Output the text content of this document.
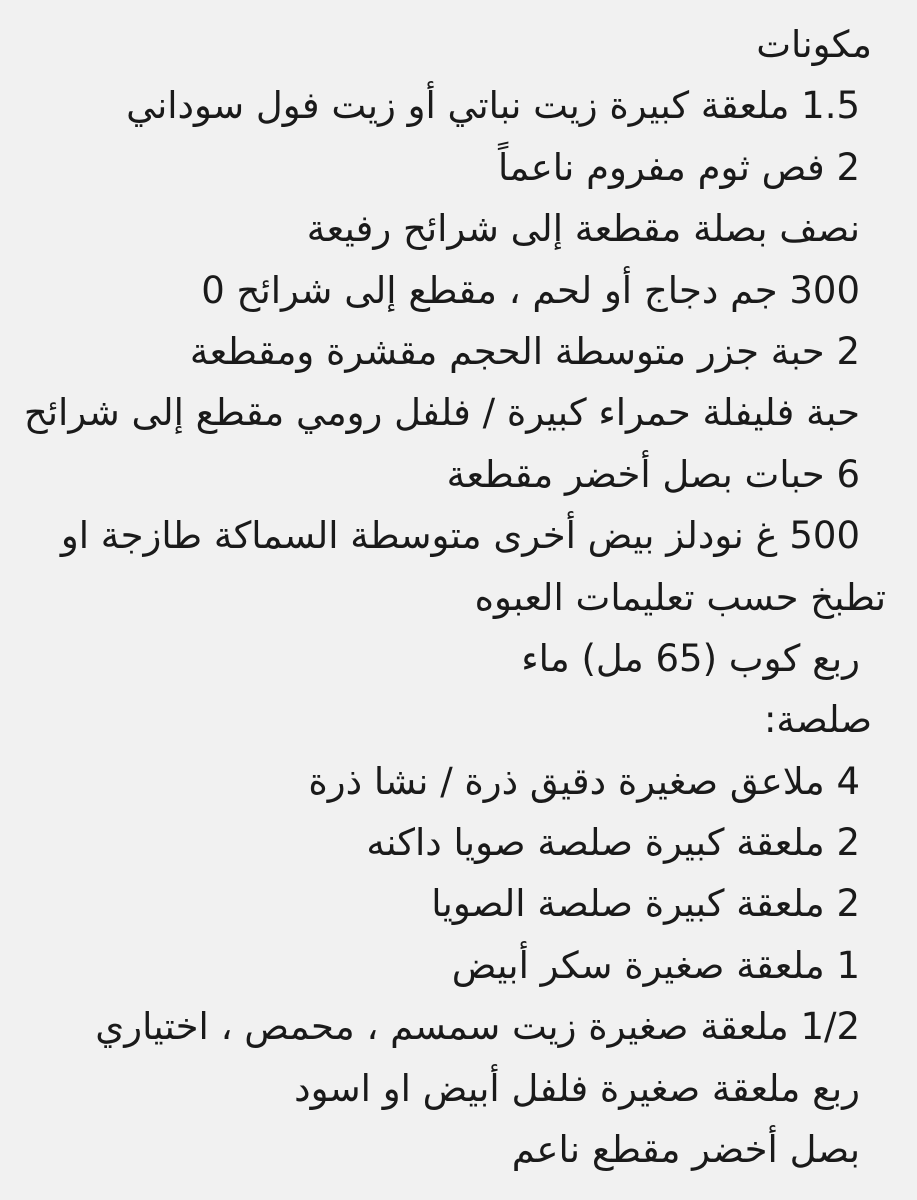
مكونات

1.5 ملعقة كبيرة زيت نباتي أو زيت فول سوداني

2 فص ثوم مفروم ناعماً

نصف بصلة مقطعة إلى شرائح رفيعة

300 جم دجاج أو لحم ، مقطع إلى شرائح 0

2 حبة جزر متوسطة الحجم مقشرة ومقطعة

حبة فليفلة حمراء كبيرة / فلفل رومي مقطع إلى شرائح

6 حبات بصل أخضر مقطعة

500 غ نودلز بيض أخرى متوسطة السماكة طازجة او

تطبخ حسب تعليمات العبوه

ربع كوب (65 مل) ماء

صلصة:

4 ملاعق صغيرة دقيق ذرة / نشا ذرة

2 ملعقة كبيرة صلصة صويا داكنه

2 ملعقة كبيرة صلصة الصويا

1 ملعقة صغيرة سكر أبيض

1/2 ملعقة صغيرة زيت سمسم ، محمص ، اختياري

ربع ملعقة صغيرة فلفل أبيض او اسود

بصل أخضر مقطع ناعم
